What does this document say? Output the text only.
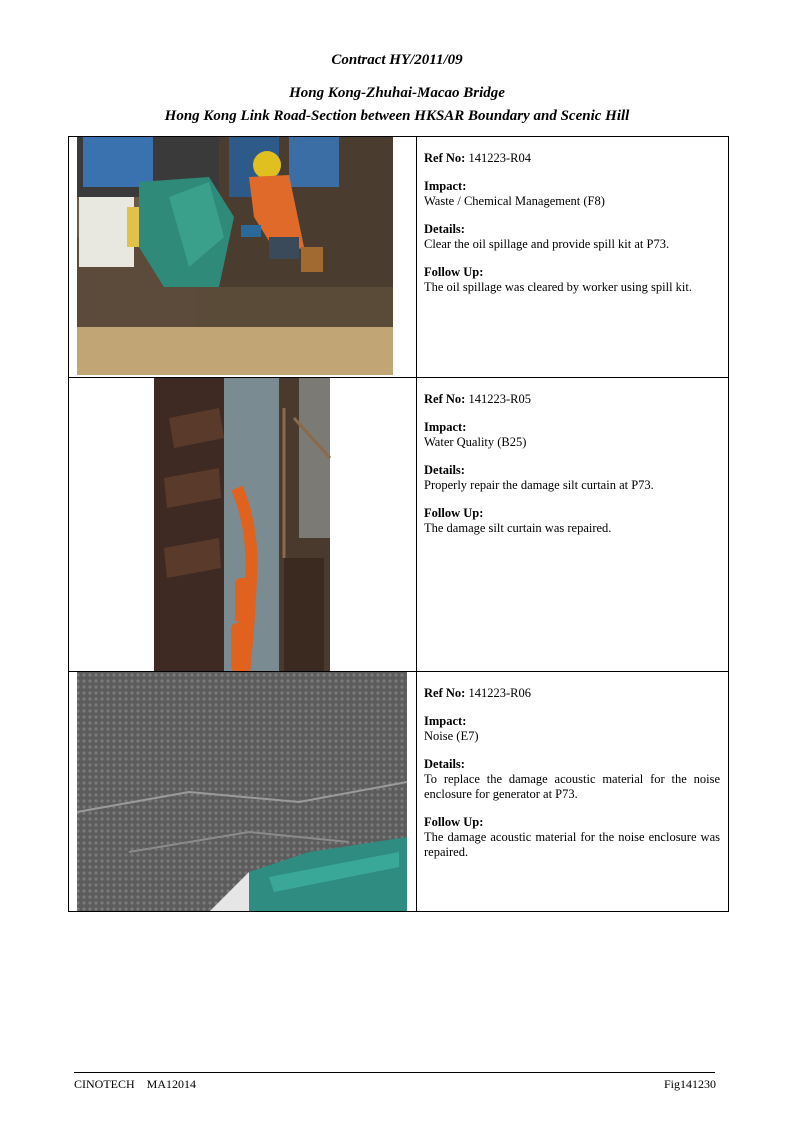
Contract HY/2011/09
Hong Kong-Zhuhai-Macao Bridge
Hong Kong Link Road-Section between HKSAR Boundary and Scenic Hill
Ref No: 141223-R04
Impact:
Waste / Chemical Management (F8)
Details:
Clear the oil spillage and provide spill kit at P73.
Follow Up:
The oil spillage was cleared by worker using spill kit.
Ref No: 141223-R05
Impact:
Water Quality (B25)
Details:
Properly repair the damage silt curtain at P73.
Follow Up:
The damage silt curtain was repaired.
Ref No: 141223-R06
Impact:
Noise (E7)
Details:
To replace the damage acoustic material for the noise enclosure for generator at P73.
Follow Up:
The damage acoustic material for the noise enclosure was repaired.
CINOTECH    MA12014	Fig141230
